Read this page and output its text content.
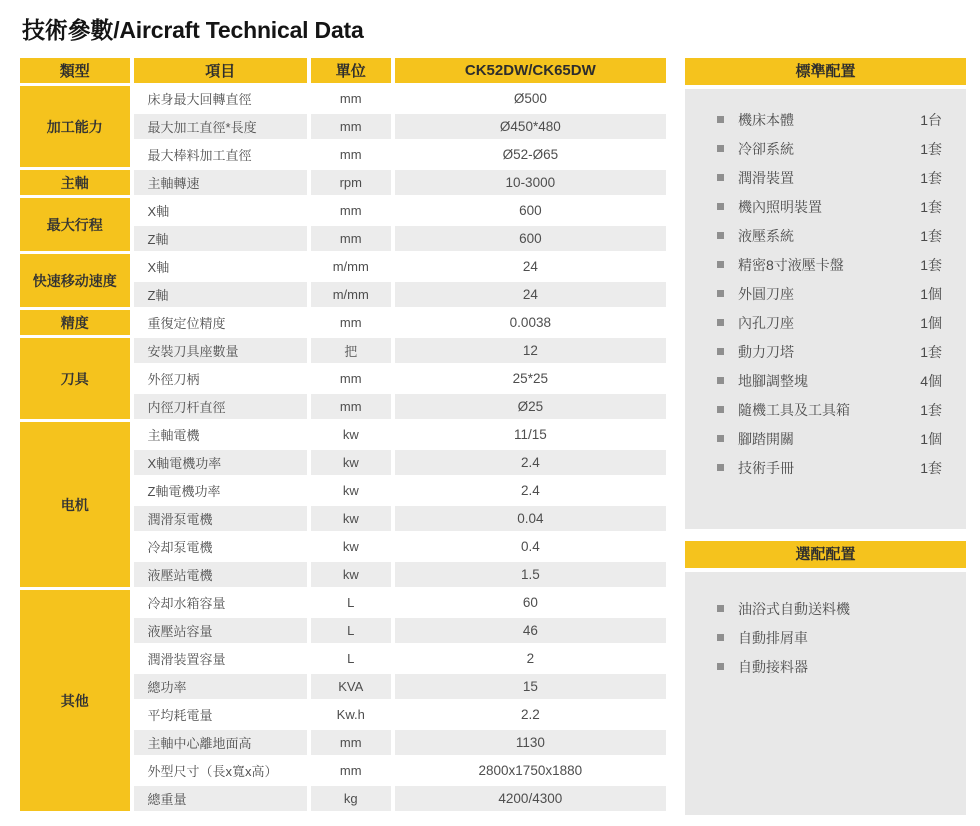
技術參數/Aircraft Technical Data
類型	項目	單位	CK52DW/CK65DW
加工能力	床身最大回轉直徑	mm	Ø500
	最大加工直徑*長度	mm	Ø450*480
	最大棒料加工直徑	mm	Ø52-Ø65
主軸	主軸轉速	rpm	10-3000
最大行程	X軸	mm	600
	Z軸	mm	600
快速移动速度	X軸	m/mm	24
	Z軸	m/mm	24
精度	重復定位精度	mm	0.0038
刀具	安裝刀具座數量	把	12
	外徑刀柄	mm	25*25
	内徑刀杆直徑	mm	Ø25
电机	主軸電機	kw	11/15
	X軸電機功率	kw	2.4
	Z軸電機功率	kw	2.4
	潤滑泵電機	kw	0.04
	冷却泵電機	kw	0.4
	液壓站電機	kw	1.5
其他	冷却水箱容量	L	60
	液壓站容量	L	46
	潤滑装置容量	L	2
	總功率	KVA	15
	平均耗電量	Kw.h	2.2
	主軸中心離地面高	mm	1130
	外型尺寸（長x寬x高）	mm	2800x1750x1880
	總重量	kg	4200/4300
標準配置
機床本體	1台
冷卻系統	1套
潤滑裝置	1套
機內照明裝置	1套
液壓系統	1套
精密8寸液壓卡盤	1套
外圓刀座	1個
內孔刀座	1個
動力刀塔	1套
地腳調整塊	4個
隨機工具及工具箱	1套
腳踏開關	1個
技術手冊	1套
選配配置
油浴式自動送料機
自動排屑車
自動接料器
